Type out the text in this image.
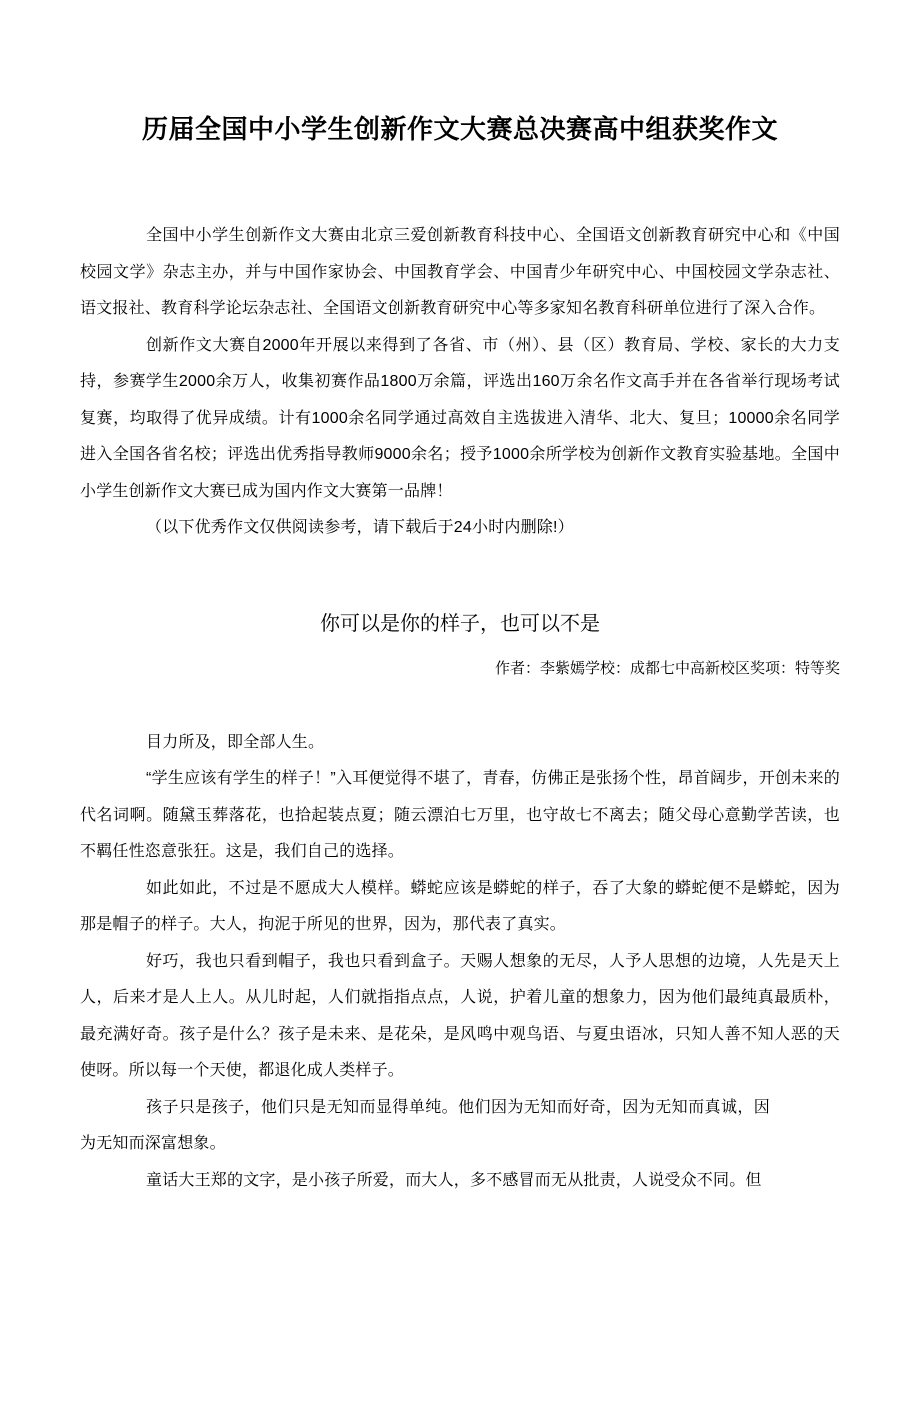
历届全国中小学生创新作文大赛总决赛高中组获奖作文

全国中小学生创新作文大赛由北京三爱创新教育科技中心、全国语文创新教育研究中心和《中国校园文学》杂志主办，并与中国作家协会、中国教育学会、中国青少年研究中心、中国校园文学杂志社、语文报社、教育科学论坛杂志社、全国语文创新教育研究中心等多家知名教育科研单位进行了深入合作。

创新作文大赛自2000年开展以来得到了各省、市（州）、县（区）教育局、学校、家长的大力支持，参赛学生2000余万人，收集初赛作品1800万余篇，评选出160万余名作文高手并在各省举行现场考试复赛，均取得了优异成绩。计有1000余名同学通过高效自主选拔进入清华、北大、复旦；10000余名同学进入全国各省名校；评选出优秀指导教师9000余名；授予1000余所学校为创新作文教育实验基地。全国中小学生创新作文大赛已成为国内作文大赛第一品牌！

（以下优秀作文仅供阅读参考，请下载后于24小时内删除!）

你可以是你的样子，也可以不是

作者：李紫嫣学校：成都七中高新校区奖项：特等奖

目力所及，即全部人生。

“学生应该有学生的样子！”入耳便觉得不堪了，青春，仿佛正是张扬个性，昂首阔步，开创未来的代名词啊。随黛玉葬落花，也拾起装点夏；随云漂泊七万里，也守故七不离去；随父母心意勤学苦读，也不羁任性恣意张狂。这是，我们自己的选择。

如此如此，不过是不愿成大人模样。蟒蛇应该是蟒蛇的样子，吞了大象的蟒蛇便不是蟒蛇，因为那是帽子的样子。大人，拘泥于所见的世界，因为，那代表了真实。

好巧，我也只看到帽子，我也只看到盒子。天赐人想象的无尽，人予人思想的边境，人先是天上人，后来才是人上人。从儿时起，人们就指指点点，人说，护着儿童的想象力，因为他们最纯真最质朴，最充满好奇。孩子是什么？孩子是未来、是花朵，是风鸣中观鸟语、与夏虫语冰，只知人善不知人恶的天使呀。所以每一个天使，都退化成人类样子。

孩子只是孩子，他们只是无知而显得单纯。他们因为无知而好奇，因为无知而真诚，因为无知而深富想象。

童话大王郑的文字，是小孩子所爱，而大人，多不感冒而无从批责，人说受众不同。但
